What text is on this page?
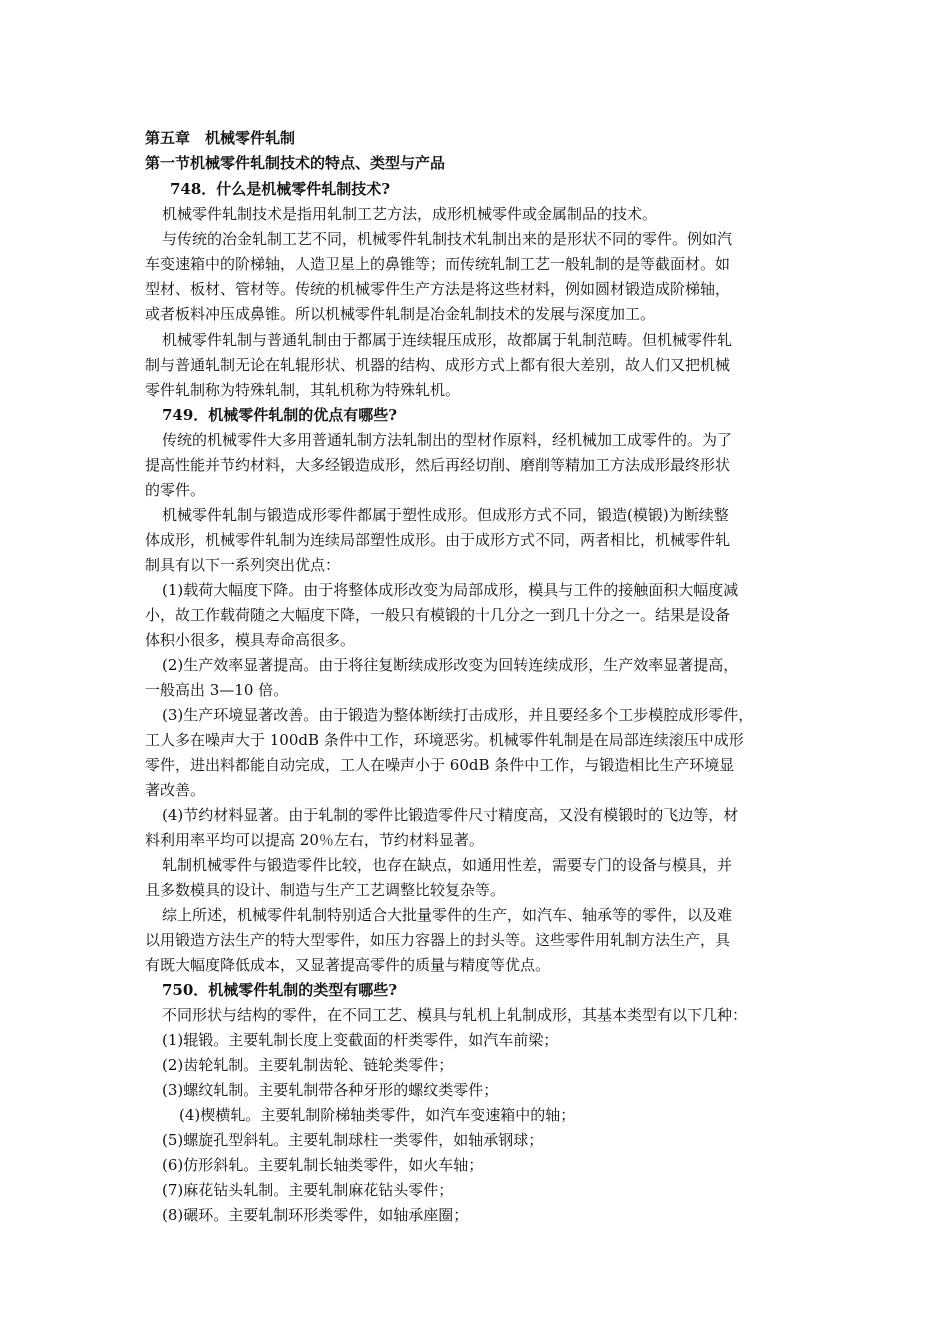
第五章　机械零件轧制
第一节机械零件轧制技术的特点、类型与产品
748．什么是机械零件轧制技术?
机械零件轧制技术是指用轧制工艺方法，成形机械零件或金属制品的技术。
与传统的冶金轧制工艺不同，机械零件轧制技术轧制出来的是形状不同的零件。例如汽
车变速箱中的阶梯轴，人造卫星上的鼻锥等；而传统轧制工艺一般轧制的是等截面材。如
型材、板材、管材等。传统的机械零件生产方法是将这些材料，例如圆材锻造成阶梯轴，
或者板料冲压成鼻锥。所以机械零件轧制是冶金轧制技术的发展与深度加工。
机械零件轧制与普通轧制由于都属于连续辊压成形，故都属于轧制范畴。但机械零件轧
制与普通轧制无论在轧辊形状、机器的结构、成形方式上都有很大差别，故人们又把机械
零件轧制称为特殊轧制，其轧机称为特殊轧机。
749．机械零件轧制的优点有哪些?
传统的机械零件大多用普通轧制方法轧制出的型材作原料，经机械加工成零件的。为了
提高性能并节约材料，大多经锻造成形，然后再经切削、磨削等精加工方法成形最终形状
的零件。
机械零件轧制与锻造成形零件都属于塑性成形。但成形方式不同，锻造(模锻)为断续整
体成形，机械零件轧制为连续局部塑性成形。由于成形方式不同，两者相比，机械零件轧
制具有以下一系列突出优点：
(1)载荷大幅度下降。由于将整体成形改变为局部成形，模具与工件的接触面积大幅度减
小，故工作载荷随之大幅度下降，一般只有模锻的十几分之一到几十分之一。结果是设备
体积小很多，模具寿命高很多。
(2)生产效率显著提高。由于将往复断续成形改变为回转连续成形，生产效率显著提高，
一般高出 3—10 倍。
(3)生产环境显著改善。由于锻造为整体断续打击成形，并且要经多个工步模腔成形零件，
工人多在噪声大于 100dB 条件中工作，环境恶劣。机械零件轧制是在局部连续滚压中成形
零件，进出料都能自动完成，工人在噪声小于 60dB 条件中工作，与锻造相比生产环境显
著改善。
(4)节约材料显著。由于轧制的零件比锻造零件尺寸精度高，又没有模锻时的飞边等，材
料利用率平均可以提高 20％左右，节约材料显著。
轧制机械零件与锻造零件比较，也存在缺点，如通用性差，需要专门的设备与模具，并
且多数模具的设计、制造与生产工艺调整比较复杂等。
综上所述，机械零件轧制特别适合大批量零件的生产，如汽车、轴承等的零件，以及难
以用锻造方法生产的特大型零件，如压力容器上的封头等。这些零件用轧制方法生产，具
有既大幅度降低成本，又显著提高零件的质量与精度等优点。
750．机械零件轧制的类型有哪些?
不同形状与结构的零件，在不同工艺、模具与轧机上轧制成形，其基本类型有以下几种：
(1)辊锻。主要轧制长度上变截面的杆类零件，如汽车前梁；
(2)齿轮轧制。主要轧制齿轮、链轮类零件；
(3)螺纹轧制。主要轧制带各种牙形的螺纹类零件；
(4)楔横轧。主要轧制阶梯轴类零件，如汽车变速箱中的轴；
(5)螺旋孔型斜轧。主要轧制球柱一类零件，如轴承钢球；
(6)仿形斜轧。主要轧制长轴类零件，如火车轴；
(7)麻花钻头轧制。主要轧制麻花钻头零件；
(8)碾环。主要轧制环形类零件，如轴承座圈；
